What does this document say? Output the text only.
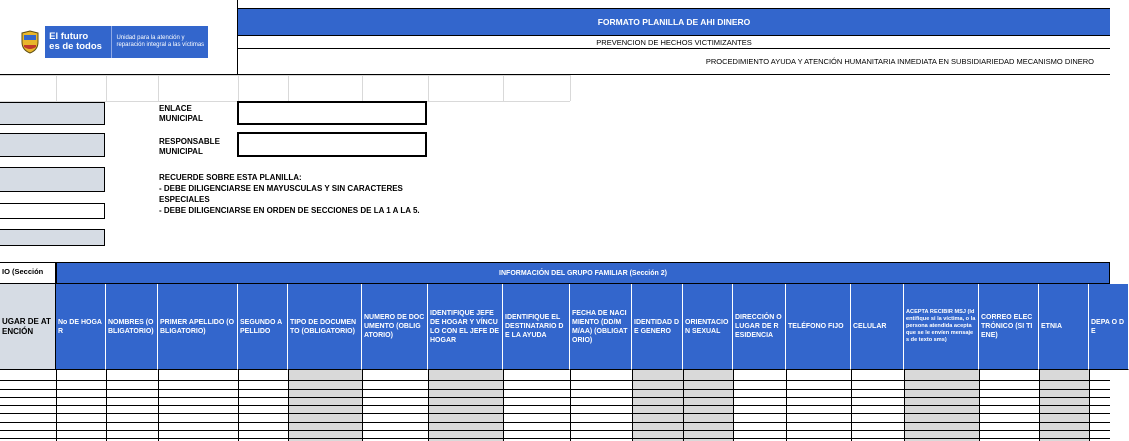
El futuro
es de todos
Unidad para la atención y reparación integral a las víctimas
FORMATO PLANILLA DE AHI DINERO
PREVENCION DE HECHOS VICTIMIZANTES
PROCEDIMIENTO AYUDA Y ATENCIÓN HUMANITARIA INMEDIATA EN SUBSIDIARIEDAD MECANISMO DINERO
ENLACE MUNICIPAL
RESPONSABLE MUNICIPAL
RECUERDE SOBRE ESTA PLANILLA:
- DEBE DILIGENCIARSE EN MAYUSCULAS Y SIN CARACTERES ESPECIALES
- DEBE DILIGENCIARSE EN ORDEN DE SECCIONES DE LA 1 A LA 5.
IO (Sección	INFORMACIÓN DEL GRUPO FAMILIAR (Sección 2)
UGAR DE ATENCIÓN
No DE HOGAR
NOMBRES (OBLIGATORIO)
PRIMER APELLIDO (OBLIGATORIO)
SEGUNDO APELLIDO
TIPO DE DOCUMENTO (OBLIGATORIO)
NUMERO DE DOCUMENTO (OBLIGATORIO)
IDENTIFIQUE JEFE DE HOGAR Y VÍNCULO CON EL JEFE DE HOGAR
IDENTIFIQUE EL DESTINATARIO DE LA AYUDA
FECHA DE NACIMIENTO (DD/MM/AA) (OBLIGATORIO)
IDENTIDAD DE GENERO
ORIENTACION SEXUAL
DIRECCIÓN O LUGAR DE RESIDENCIA
TELÉFONO FIJO	CELULAR
ACEPTA RECIBIR MSJ (Identifique si la víctima, o la persona atendida acepta que se le envíen mensajes de texto sms)
CORREO ELECTRÓNICO (SI TIENE)
ETNIA
DEPA O DE
